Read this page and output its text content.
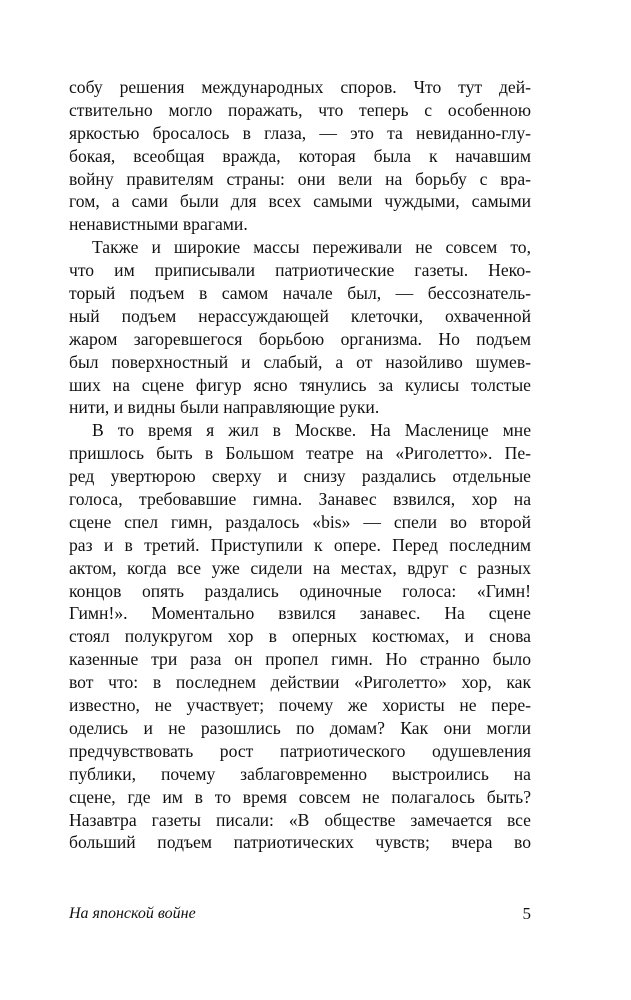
собу решения международных споров. Что тут дей-
ствительно могло поражать, что теперь с особенною
яркостью бросалось в глаза, — это та невиданно-глу-
бокая, всеобщая вражда, которая была к начавшим
войну правителям страны: они вели на борьбу с вра-
гом, а сами были для всех самыми чуждыми, самыми
ненавистными врагами.
Также и широкие массы переживали не совсем то,
что им приписывали патриотические газеты. Неко-
торый подъем в самом начале был, — бессознатель-
ный подъем нерассуждающей клеточки, охваченной
жаром загоревшегося борьбою организма. Но подъем
был поверхностный и слабый, а от назойливо шумев-
ших на сцене фигур ясно тянулись за кулисы толстые
нити, и видны были направляющие руки.
В то время я жил в Москве. На Масленице мне
пришлось быть в Большом театре на «Риголетто». Пе-
ред увертюрою сверху и снизу раздались отдельные
голоса, требовавшие гимна. Занавес взвился, хор на
сцене спел гимн, раздалось «bis» — спели во второй
раз и в третий. Приступили к опере. Перед последним
актом, когда все уже сидели на местах, вдруг с разных
концов опять раздались одиночные голоса: «Гимн!
Гимн!». Моментально взвился занавес. На сцене
стоял полукругом хор в оперных костюмах, и снова
казенные три раза он пропел гимн. Но странно было
вот что: в последнем действии «Риголетто» хор, как
известно, не участвует; почему же хористы не пере-
оделись и не разошлись по домам? Как они могли
предчувствовать рост патриотического одушевления
публики, почему заблаговременно выстроились на
сцене, где им в то время совсем не полагалось быть?
Назавтра газеты писали: «В обществе замечается все
больший подъем патриотических чувств; вчера во
На японской войне	5
